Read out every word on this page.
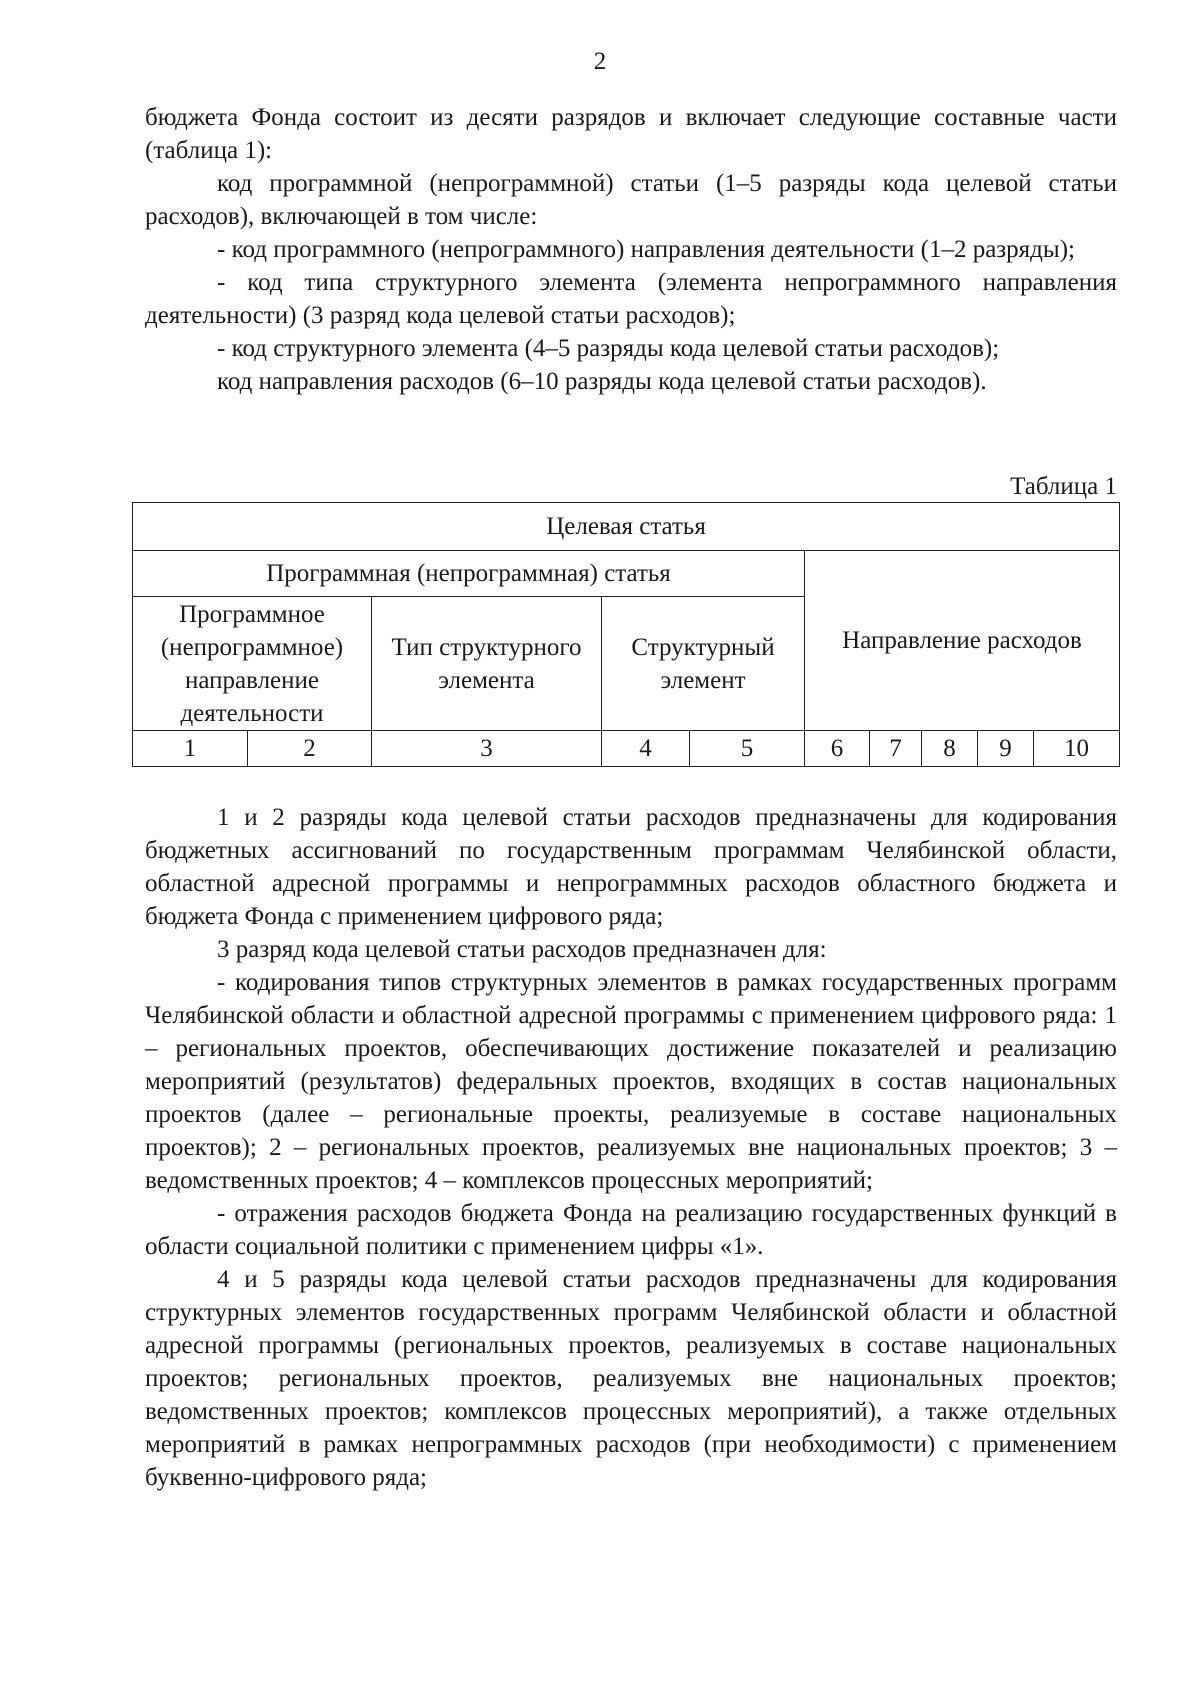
2

бюджета Фонда состоит из десяти разрядов и включает следующие составные части (таблица 1):

код программной (непрограммной) статьи (1–5 разряды кода целевой статьи расходов), включающей в том числе:

- код программного (непрограммного) направления деятельности (1–2 разряды);

- код типа структурного элемента (элемента непрограммного направления деятельности) (3 разряд кода целевой статьи расходов);

- код структурного элемента (4–5 разряды кода целевой статьи расходов);

код направления расходов (6–10 разряды кода целевой статьи расходов).

Таблица 1
Целевая статья									
Программная (непрограммная) статья					Направление расходов				
Программное (непрограммное) направление деятельности		Тип структурного элемента	Структурный элемент						
1	2	3	4	5	6	7	8	9	10

1 и 2 разряды кода целевой статьи расходов предназначены для кодирования бюджетных ассигнований по государственным программам Челябинской области, областной адресной программы и непрограммных расходов областного бюджета и бюджета Фонда с применением цифрового ряда;

3 разряд кода целевой статьи расходов предназначен для:

- кодирования типов структурных элементов в рамках государственных программ Челябинской области и областной адресной программы с применением цифрового ряда: 1 – региональных проектов, обеспечивающих достижение показателей и реализацию мероприятий (результатов) федеральных проектов, входящих в состав национальных проектов (далее – региональные проекты, реализуемые в составе национальных проектов); 2 – региональных проектов, реализуемых вне национальных проектов; 3 – ведомственных проектов; 4 – комплексов процессных мероприятий;

- отражения расходов бюджета Фонда на реализацию государственных функций в области социальной политики с применением цифры «1».

4 и 5 разряды кода целевой статьи расходов предназначены для кодирования структурных элементов государственных программ Челябинской области и областной адресной программы (региональных проектов, реализуемых в составе национальных проектов; региональных проектов, реализуемых вне национальных проектов; ведомственных проектов; комплексов процессных мероприятий), а также отдельных мероприятий в рамках непрограммных расходов (при необходимости) с применением буквенно-цифрового ряда;
